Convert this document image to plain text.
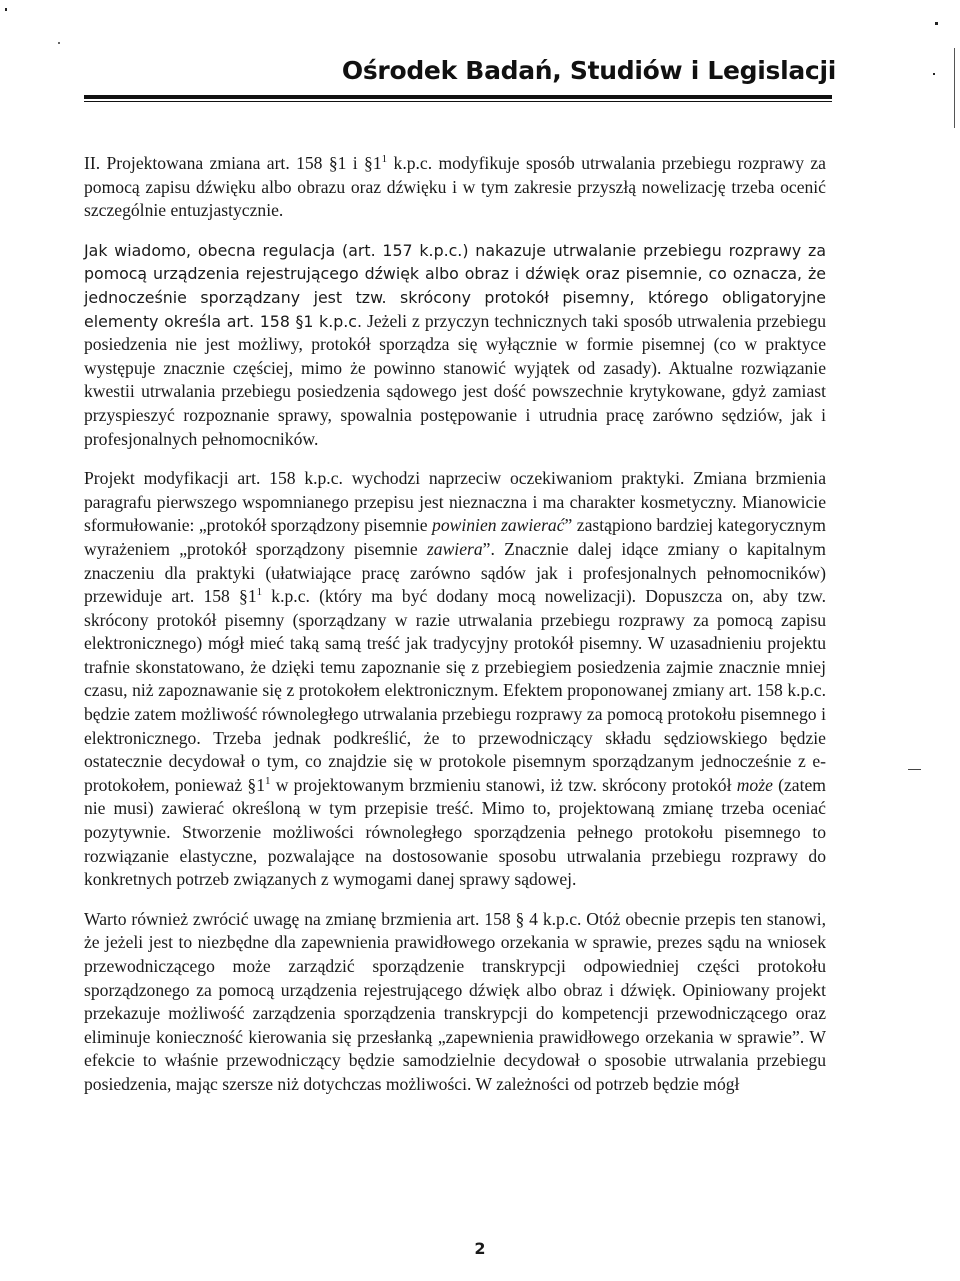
Ośrodek Badań, Studiów i Legislacji

II. Projektowana zmiana art. 158 §1 i $\S 1^1$ k.p.c. modyfikuje sposób utrwalania przebiegu rozprawy za pomocą zapisu dźwięku albo obrazu oraz dźwięku i w tym zakresie przyszłą nowelizację trzeba ocenić szczególnie entuzjastycznie.

Jak wiadomo, obecna regulacja (art. 157 k.p.c.) nakazuje utrwalanie przebiegu rozprawy za pomocą urządzenia rejestrującego dźwięk albo obraz i dźwięk oraz pisemnie, co oznacza, że jednocześnie sporządzany jest tzw. skrócony protokół pisemny, którego obligatoryjne elementy określa art. 158 §1 k.p.c. Jeżeli z przyczyn technicznych taki sposób utrwalenia przebiegu posiedzenia nie jest możliwy, protokół sporządza się wyłącznie w formie pisemnej (co w praktyce występuje znacznie częściej, mimo że powinno stanowić wyjątek od zasady). Aktualne rozwiązanie kwestii utrwalania przebiegu posiedzenia sądowego jest dość powszechnie krytykowane, gdyż zamiast przyspieszyć rozpoznanie sprawy, spowalnia postępowanie i utrudnia pracę zarówno sędziów, jak i profesjonalnych pełnomocników.

Projekt modyfikacji art. 158 k.p.c. wychodzi naprzeciw oczekiwaniom praktyki. Zmiana brzmienia paragrafu pierwszego wspomnianego przepisu jest nieznaczna i ma charakter kosmetyczny. Mianowicie sformułowanie: „protokół sporządzony pisemnie powinien zawierać” zastąpiono bardziej kategorycznym wyrażeniem „protokół sporządzony pisemnie zawiera”. Znacznie dalej idące zmiany o kapitalnym znaczeniu dla praktyki (ułatwiające pracę zarówno sądów jak i profesjonalnych pełnomocników) przewiduje art. 158 $\S 1^1$ k.p.c. (który ma być dodany mocą nowelizacji). Dopuszcza on, aby tzw. skrócony protokół pisemny (sporządzany w razie utrwalania przebiegu rozprawy za pomocą zapisu elektronicznego) mógł mieć taką samą treść jak tradycyjny protokół pisemny. W uzasadnieniu projektu trafnie skonstatowano, że dzięki temu zapoznanie się z przebiegiem posiedzenia zajmie znacznie mniej czasu, niż zapoznawanie się z protokołem elektronicznym. Efektem proponowanej zmiany art. 158 k.p.c. będzie zatem możliwość równoległego utrwalania przebiegu rozprawy za pomocą protokołu pisemnego i elektronicznego. Trzeba jednak podkreślić, że to przewodniczący składu sędziowskiego będzie ostatecznie decydował o tym, co znajdzie się w protokole pisemnym sporządzanym jednocześnie z e-protokołem, ponieważ $\S 1^1$ w projektowanym brzmieniu stanowi, iż tzw. skrócony protokół może (zatem nie musi) zawierać określoną w tym przepisie treść. Mimo to, projektowaną zmianę trzeba oceniać pozytywnie. Stworzenie możliwości równoległego sporządzenia pełnego protokołu pisemnego to rozwiązanie elastyczne, pozwalające na dostosowanie sposobu utrwalania przebiegu rozprawy do konkretnych potrzeb związanych z wymogami danej sprawy sądowej.

Warto również zwrócić uwagę na zmianę brzmienia art. 158 § 4 k.p.c. Otóż obecnie przepis ten stanowi, że jeżeli jest to niezbędne dla zapewnienia prawidłowego orzekania w sprawie, prezes sądu na wniosek przewodniczącego może zarządzić sporządzenie transkrypcji odpowiedniej części protokołu sporządzonego za pomocą urządzenia rejestrującego dźwięk albo obraz i dźwięk. Opiniowany projekt przekazuje możliwość zarządzenia sporządzenia transkrypcji do kompetencji przewodniczącego oraz eliminuje konieczność kierowania się przesłanką „zapewnienia prawidłowego orzekania w sprawie”. W efekcie to właśnie przewodniczący będzie samodzielnie decydował o sposobie utrwalania przebiegu posiedzenia, mając szersze niż dotychczas możliwości. W zależności od potrzeb będzie mógł

2
